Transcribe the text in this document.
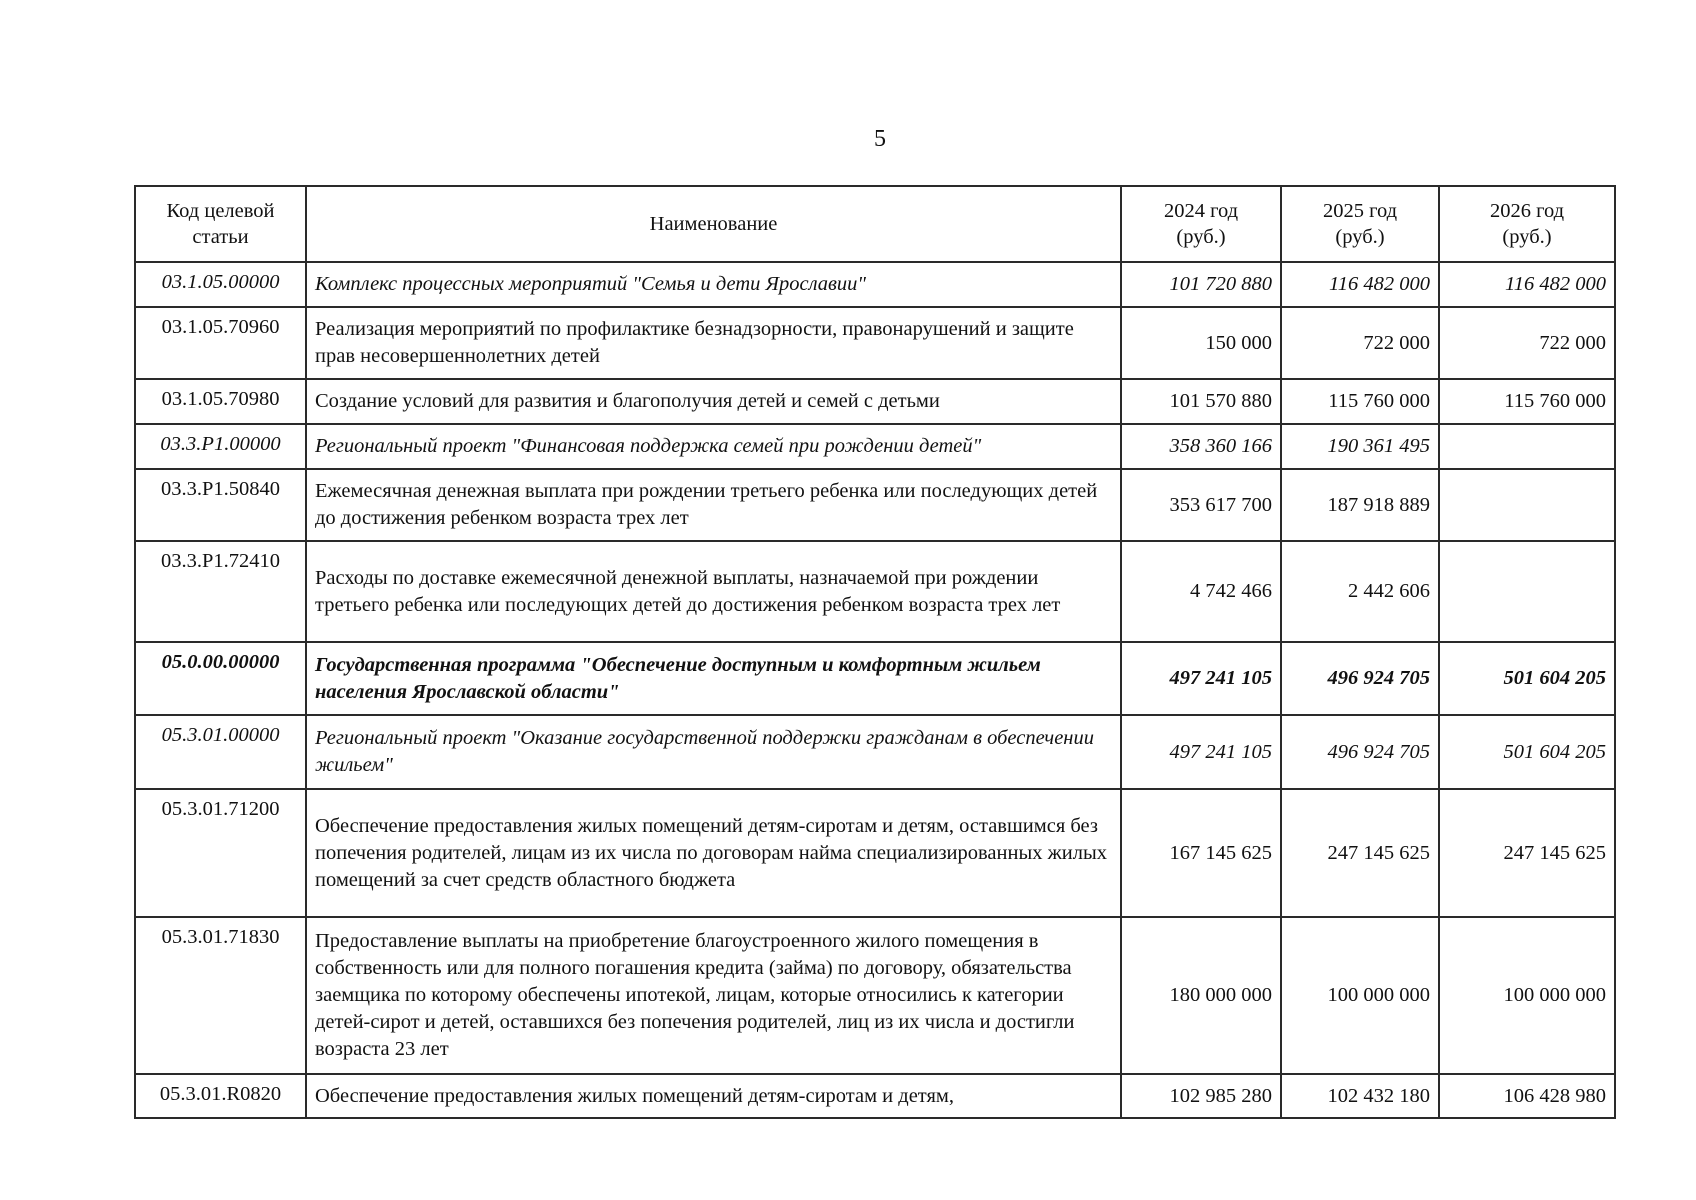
5
Код целевой статьи	Наименование	2024 год (руб.)	2025 год (руб.)	2026 год (руб.)
03.1.05.00000	Комплекс процессных мероприятий "Семья и дети Ярославии"	101 720 880	116 482 000	116 482 000
03.1.05.70960	Реализация мероприятий по профилактике безнадзорности, правонарушений и защите прав несовершеннолетних детей	150 000	722 000	722 000
03.1.05.70980	Создание условий для развития и благополучия детей и семей с детьми	101 570 880	115 760 000	115 760 000
03.3.P1.00000	Региональный проект "Финансовая поддержка семей при рождении детей"	358 360 166	190 361 495	
03.3.P1.50840	Ежемесячная денежная выплата при рождении третьего ребенка или последующих детей до достижения ребенком возраста трех лет	353 617 700	187 918 889	
03.3.P1.72410	Расходы по доставке ежемесячной денежной выплаты, назначаемой при рождении третьего ребенка или последующих детей до достижения ребенком возраста трех лет	4 742 466	2 442 606	
05.0.00.00000	Государственная программа "Обеспечение доступным и комфортным жильем населения Ярославской области"	497 241 105	496 924 705	501 604 205
05.3.01.00000	Региональный проект "Оказание государственной поддержки гражданам в обеспечении жильем"	497 241 105	496 924 705	501 604 205
05.3.01.71200	Обеспечение предоставления жилых помещений детям-сиротам и детям, оставшимся без попечения родителей, лицам из их числа по договорам найма специализированных жилых помещений за счет средств областного бюджета	167 145 625	247 145 625	247 145 625
05.3.01.71830	Предоставление выплаты на приобретение благоустроенного жилого помещения в собственность или для полного погашения кредита (займа) по договору, обязательства заемщика по которому обеспечены ипотекой, лицам, которые относились к категории детей-сирот и детей, оставшихся без попечения родителей, лиц из их числа и достигли возраста 23 лет	180 000 000	100 000 000	100 000 000
05.3.01.R0820	Обеспечение предоставления жилых помещений детям-сиротам и детям,	102 985 280	102 432 180	106 428 980
